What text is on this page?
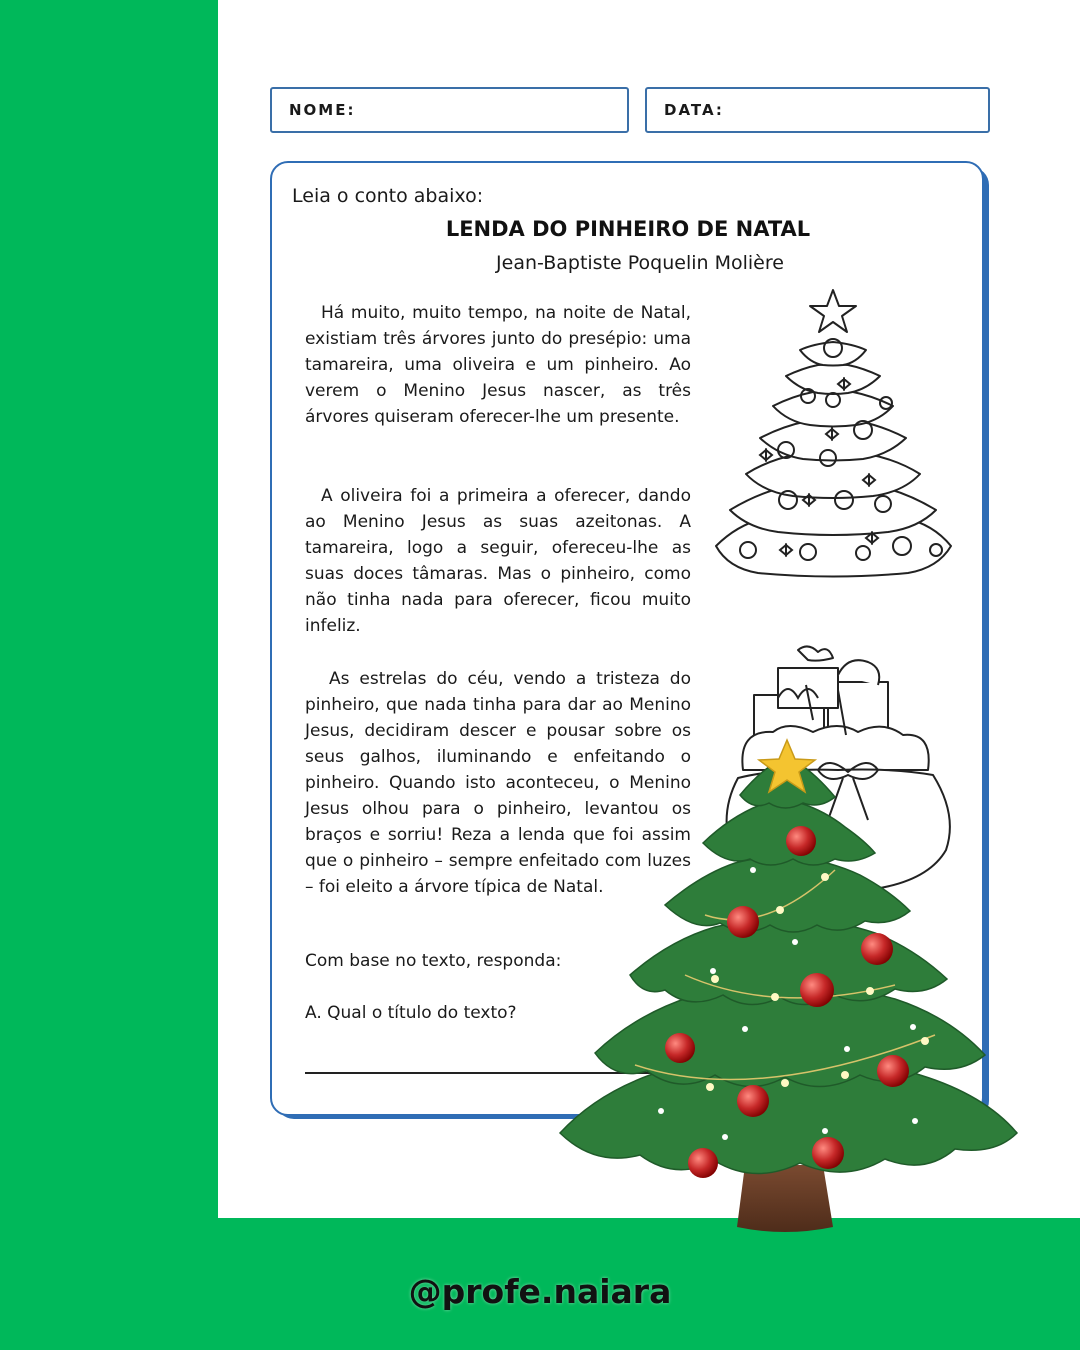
NOME:	DATA:
Leia o conto abaixo:
LENDA DO PINHEIRO DE NATAL
Jean-Baptiste Poquelin Molière

Há muito, muito tempo, na noite de Natal, existiam três árvores junto do presépio: uma tamareira, uma oliveira e um pinheiro. Ao verem o Menino Jesus nascer, as três árvores quiseram oferecer-lhe um presente.

A oliveira foi a primeira a oferecer, dando ao Menino Jesus as suas azeitonas. A tamareira, logo a seguir, ofereceu-lhe as suas doces tâmaras. Mas o pinheiro, como não tinha nada para oferecer, ficou muito infeliz.

As estrelas do céu, vendo a tristeza do pinheiro, que nada tinha para dar ao Menino Jesus, decidiram descer e pousar sobre os seus galhos, iluminando e enfeitando o pinheiro. Quando isto aconteceu, o Menino Jesus olhou para o pinheiro, levantou os braços e sorriu! Reza a lenda que foi assim que o pinheiro – sempre enfeitado com luzes – foi eleito a árvore típica de Natal.

Com base no texto, responda:
A. Qual o título do texto?
@profe.naiara
